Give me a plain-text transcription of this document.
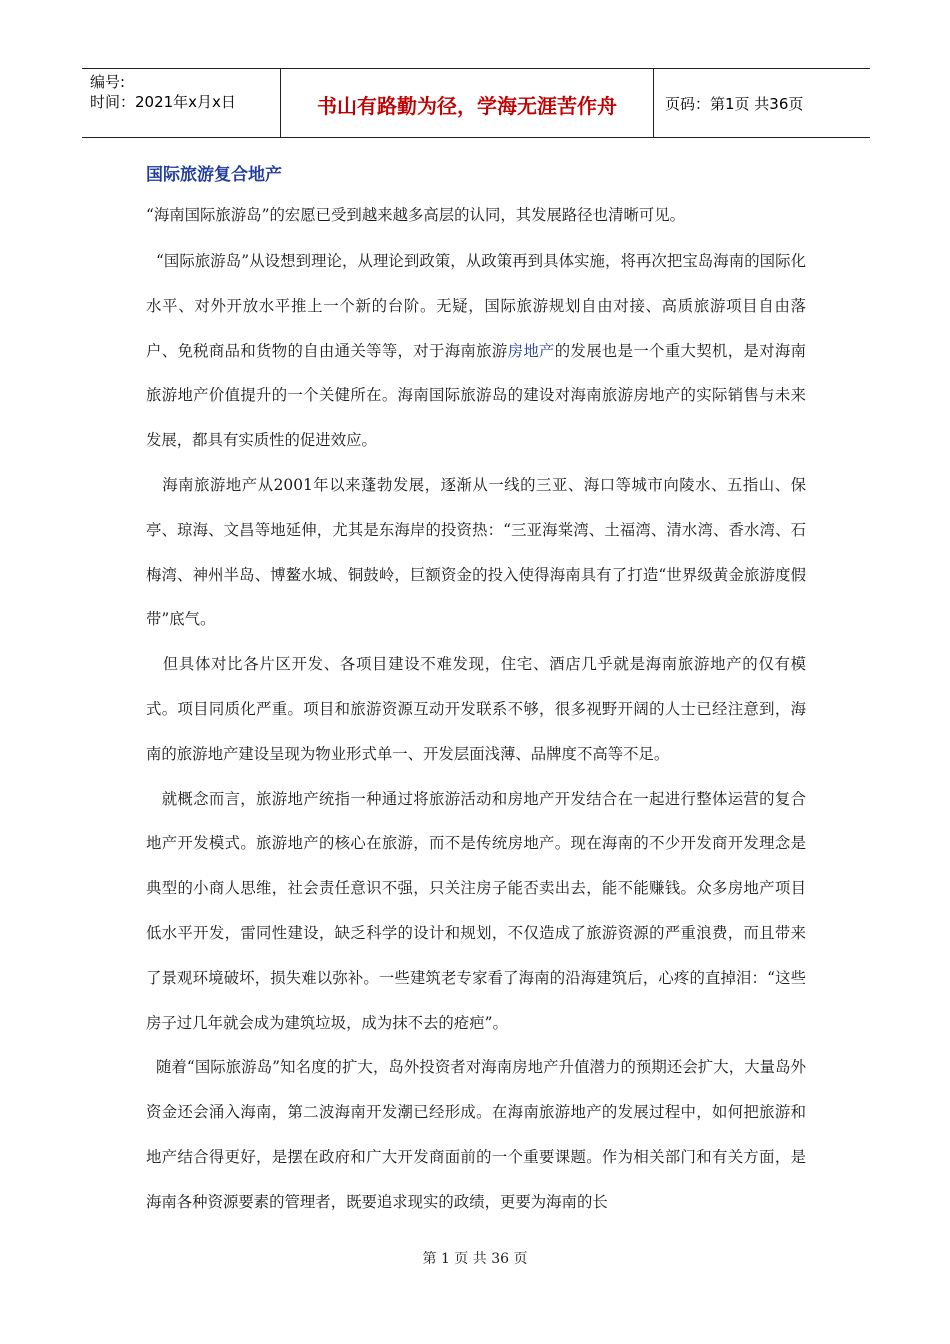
编号:
时间：2021年x月x日	书山有路勤为径，学海无涯苦作舟	页码：第1页 共36页
国际旅游复合地产

“海南国际旅游岛”的宏愿已受到越来越多高层的认同，其发展路径也清晰可见。

“国际旅游岛”从设想到理论，从理论到政策，从政策再到具体实施，将再次把宝岛海南的国际化水平、对外开放水平推上一个新的台阶。无疑，国际旅游规划自由对接、高质旅游项目自由落户、免税商品和货物的自由通关等等，对于海南旅游房地产的发展也是一个重大契机，是对海南旅游地产价值提升的一个关健所在。海南国际旅游岛的建设对海南旅游房地产的实际销售与未来发展，都具有实质性的促进效应。

海南旅游地产从2001年以来蓬勃发展，逐渐从一线的三亚、海口等城市向陵水、五指山、保亭、琼海、文昌等地延伸，尤其是东海岸的投资热：“三亚海棠湾、土福湾、清水湾、香水湾、石梅湾、神州半岛、博鳌水城、铜鼓岭，巨额资金的投入使得海南具有了打造“世界级黄金旅游度假带”底气。

但具体对比各片区开发、各项目建设不难发现，住宅、酒店几乎就是海南旅游地产的仅有模式。项目同质化严重。项目和旅游资源互动开发联系不够，很多视野开阔的人士已经注意到，海南的旅游地产建设呈现为物业形式单一、开发层面浅薄、品牌度不高等不足。

就概念而言，旅游地产统指一种通过将旅游活动和房地产开发结合在一起进行整体运营的复合地产开发模式。旅游地产的核心在旅游，而不是传统房地产。现在海南的不少开发商开发理念是典型的小商人思维，社会责任意识不强，只关注房子能否卖出去，能不能赚钱。众多房地产项目低水平开发，雷同性建设，缺乏科学的设计和规划，不仅造成了旅游资源的严重浪费，而且带来了景观环境破坏，损失难以弥补。一些建筑老专家看了海南的沿海建筑后，心疼的直掉泪：“这些房子过几年就会成为建筑垃圾，成为抹不去的疮疤”。

随着“国际旅游岛”知名度的扩大，岛外投资者对海南房地产升值潜力的预期还会扩大，大量岛外资金还会涌入海南，第二波海南开发潮已经形成。在海南旅游地产的发展过程中，如何把旅游和地产结合得更好，是摆在政府和广大开发商面前的一个重要课题。作为相关部门和有关方面，是海南各种资源要素的管理者，既要追求现实的政绩，更要为海南的长

第 1 页 共 36 页
